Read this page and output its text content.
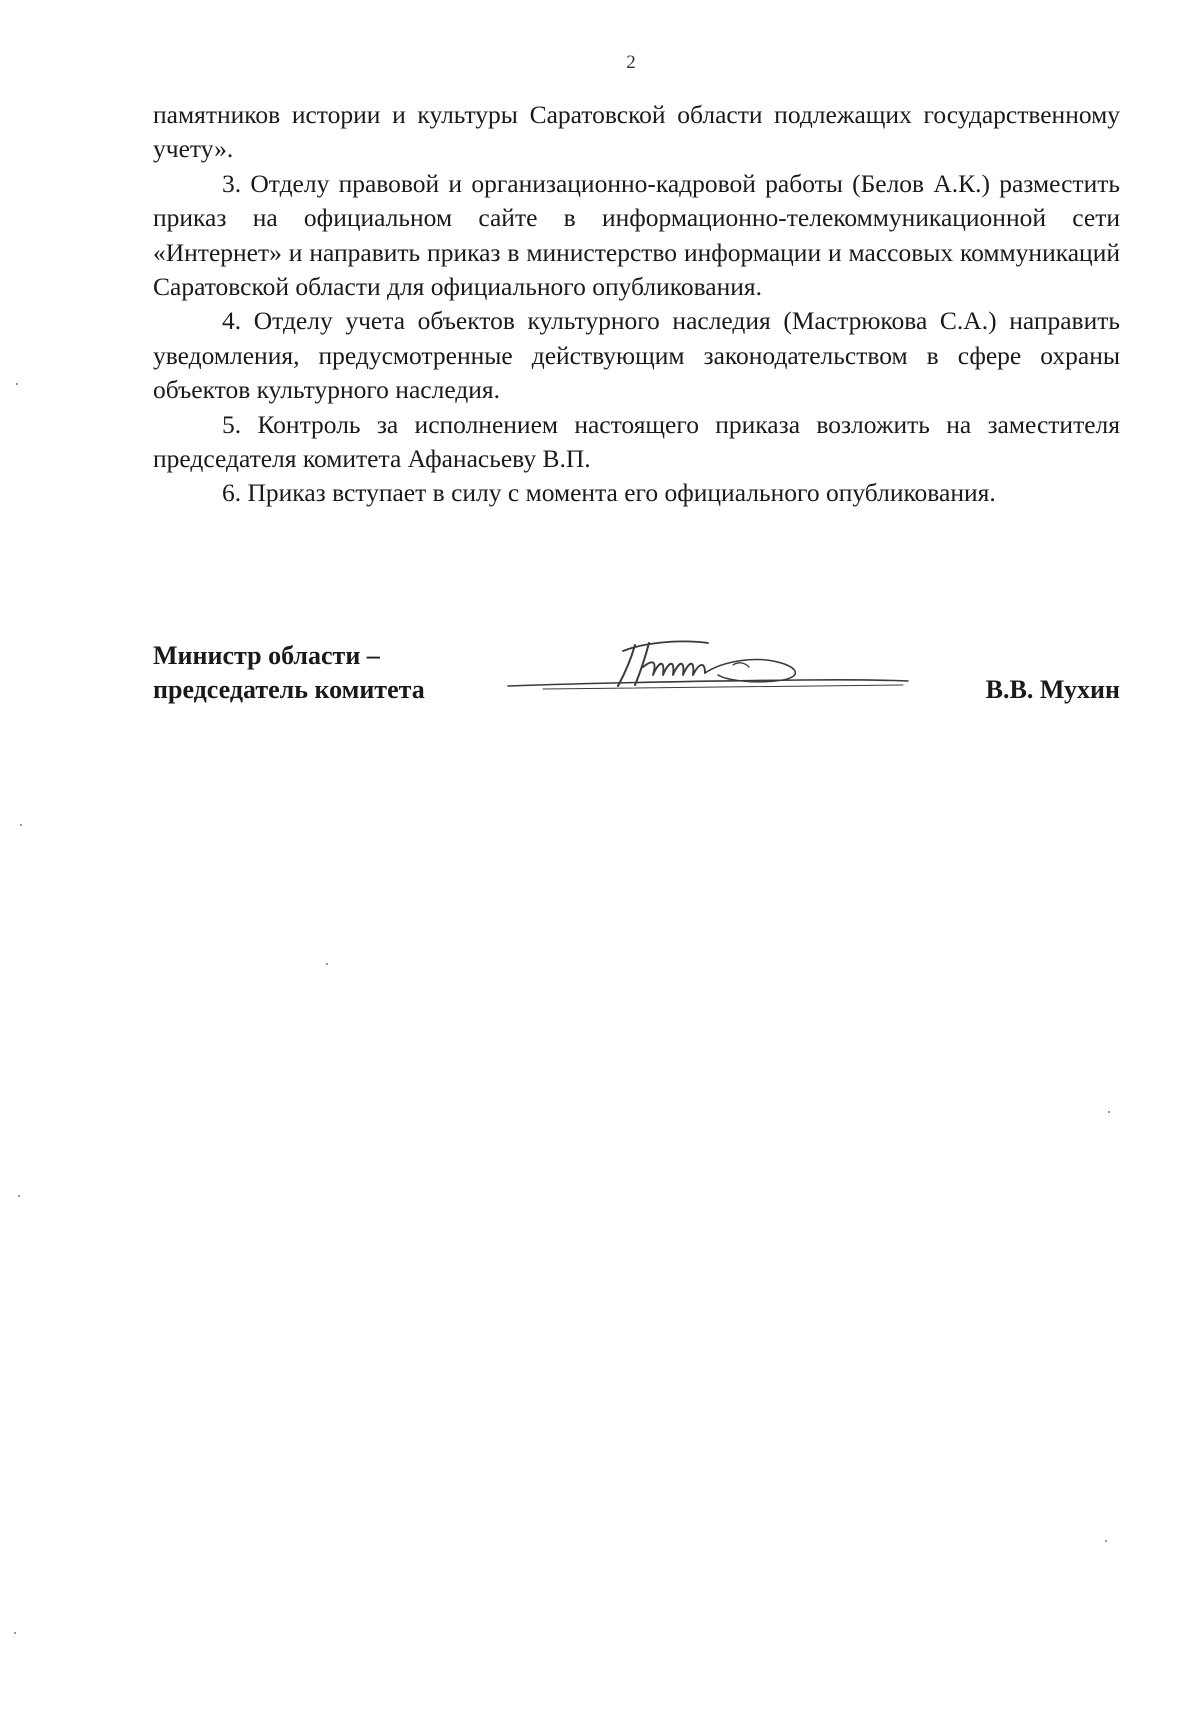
2

памятников истории и культуры Саратовской области подлежащих государственному учету».

3. Отделу правовой и организационно-кадровой работы (Белов А.К.) разместить приказ на официальном сайте в информационно-телекоммуникационной сети «Интернет» и направить приказ в министерство информации и массовых коммуникаций Саратовской области для официального опубликования.

4. Отделу учета объектов культурного наследия (Мастрюкова С.А.) направить уведомления, предусмотренные действующим законодательством в сфере охраны объектов культурного наследия.

5. Контроль за исполнением настоящего приказа возложить на заместителя председателя комитета Афанасьеву В.П.

6. Приказ вступает в силу с момента его официального опубликования.

Министр области –
председатель комитета	В.В. Мухин
